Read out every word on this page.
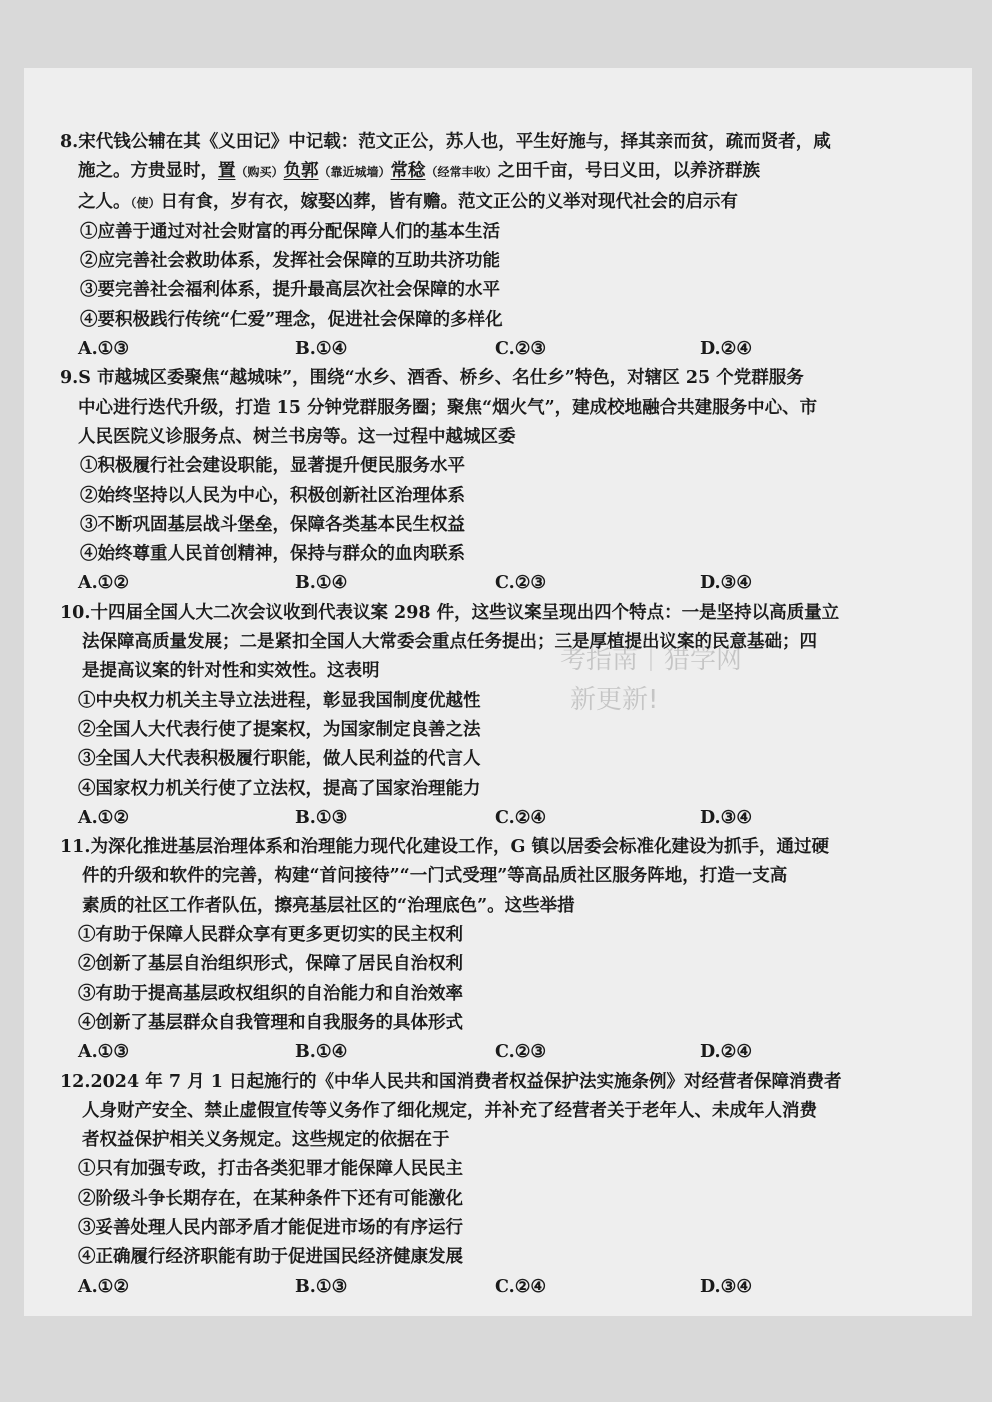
考指南｜猎学网
新更新!

8.宋代钱公辅在其《义田记》中记载：范文正公，苏人也，平生好施与，择其亲而贫，疏而贤者，咸
施之。方贵显时，置（购买）负郭（靠近城墙）常稔（经常丰收）之田千亩，号曰义田，以养济群族
之人。（使）日有食，岁有衣，嫁娶凶葬，皆有赡。范文正公的义举对现代社会的启示有

①应善于通过对社会财富的再分配保障人们的基本生活

②应完善社会救助体系，发挥社会保障的互助共济功能

③要完善社会福利体系，提升最高层次社会保障的水平

④要积极践行传统“仁爱”理念，促进社会保障的多样化

A.①③	B.①④	C.②③	D.②④

9.S 市越城区委聚焦“越城味”，围绕“水乡、酒香、桥乡、名仕乡”特色，对辖区 25 个党群服务
中心进行迭代升级，打造 15 分钟党群服务圈；聚焦“烟火气”，建成校地融合共建服务中心、市
人民医院义诊服务点、树兰书房等。这一过程中越城区委

①积极履行社会建设职能，显著提升便民服务水平

②始终坚持以人民为中心，积极创新社区治理体系

③不断巩固基层战斗堡垒，保障各类基本民生权益

④始终尊重人民首创精神，保持与群众的血肉联系

A.①②	B.①④	C.②③	D.③④

10.十四届全国人大二次会议收到代表议案 298 件，这些议案呈现出四个特点：一是坚持以高质量立
法保障高质量发展；二是紧扣全国人大常委会重点任务提出；三是厚植提出议案的民意基础；四
是提高议案的针对性和实效性。这表明

①中央权力机关主导立法进程，彰显我国制度优越性

②全国人大代表行使了提案权，为国家制定良善之法

③全国人大代表积极履行职能，做人民利益的代言人

④国家权力机关行使了立法权，提高了国家治理能力

A.①②	B.①③	C.②④	D.③④

11.为深化推进基层治理体系和治理能力现代化建设工作，G 镇以居委会标准化建设为抓手，通过硬
件的升级和软件的完善，构建“首问接待”“一门式受理”等高品质社区服务阵地，打造一支高
素质的社区工作者队伍，擦亮基层社区的“治理底色”。这些举措

①有助于保障人民群众享有更多更切实的民主权利

②创新了基层自治组织形式，保障了居民自治权利

③有助于提高基层政权组织的自治能力和自治效率

④创新了基层群众自我管理和自我服务的具体形式

A.①③	B.①④	C.②③	D.②④

12.2024 年 7 月 1 日起施行的《中华人民共和国消费者权益保护法实施条例》对经营者保障消费者
人身财产安全、禁止虚假宣传等义务作了细化规定，并补充了经营者关于老年人、未成年人消费
者权益保护相关义务规定。这些规定的依据在于

①只有加强专政，打击各类犯罪才能保障人民民主

②阶级斗争长期存在，在某种条件下还有可能激化

③妥善处理人民内部矛盾才能促进市场的有序运行

④正确履行经济职能有助于促进国民经济健康发展

A.①②	B.①③	C.②④	D.③④
